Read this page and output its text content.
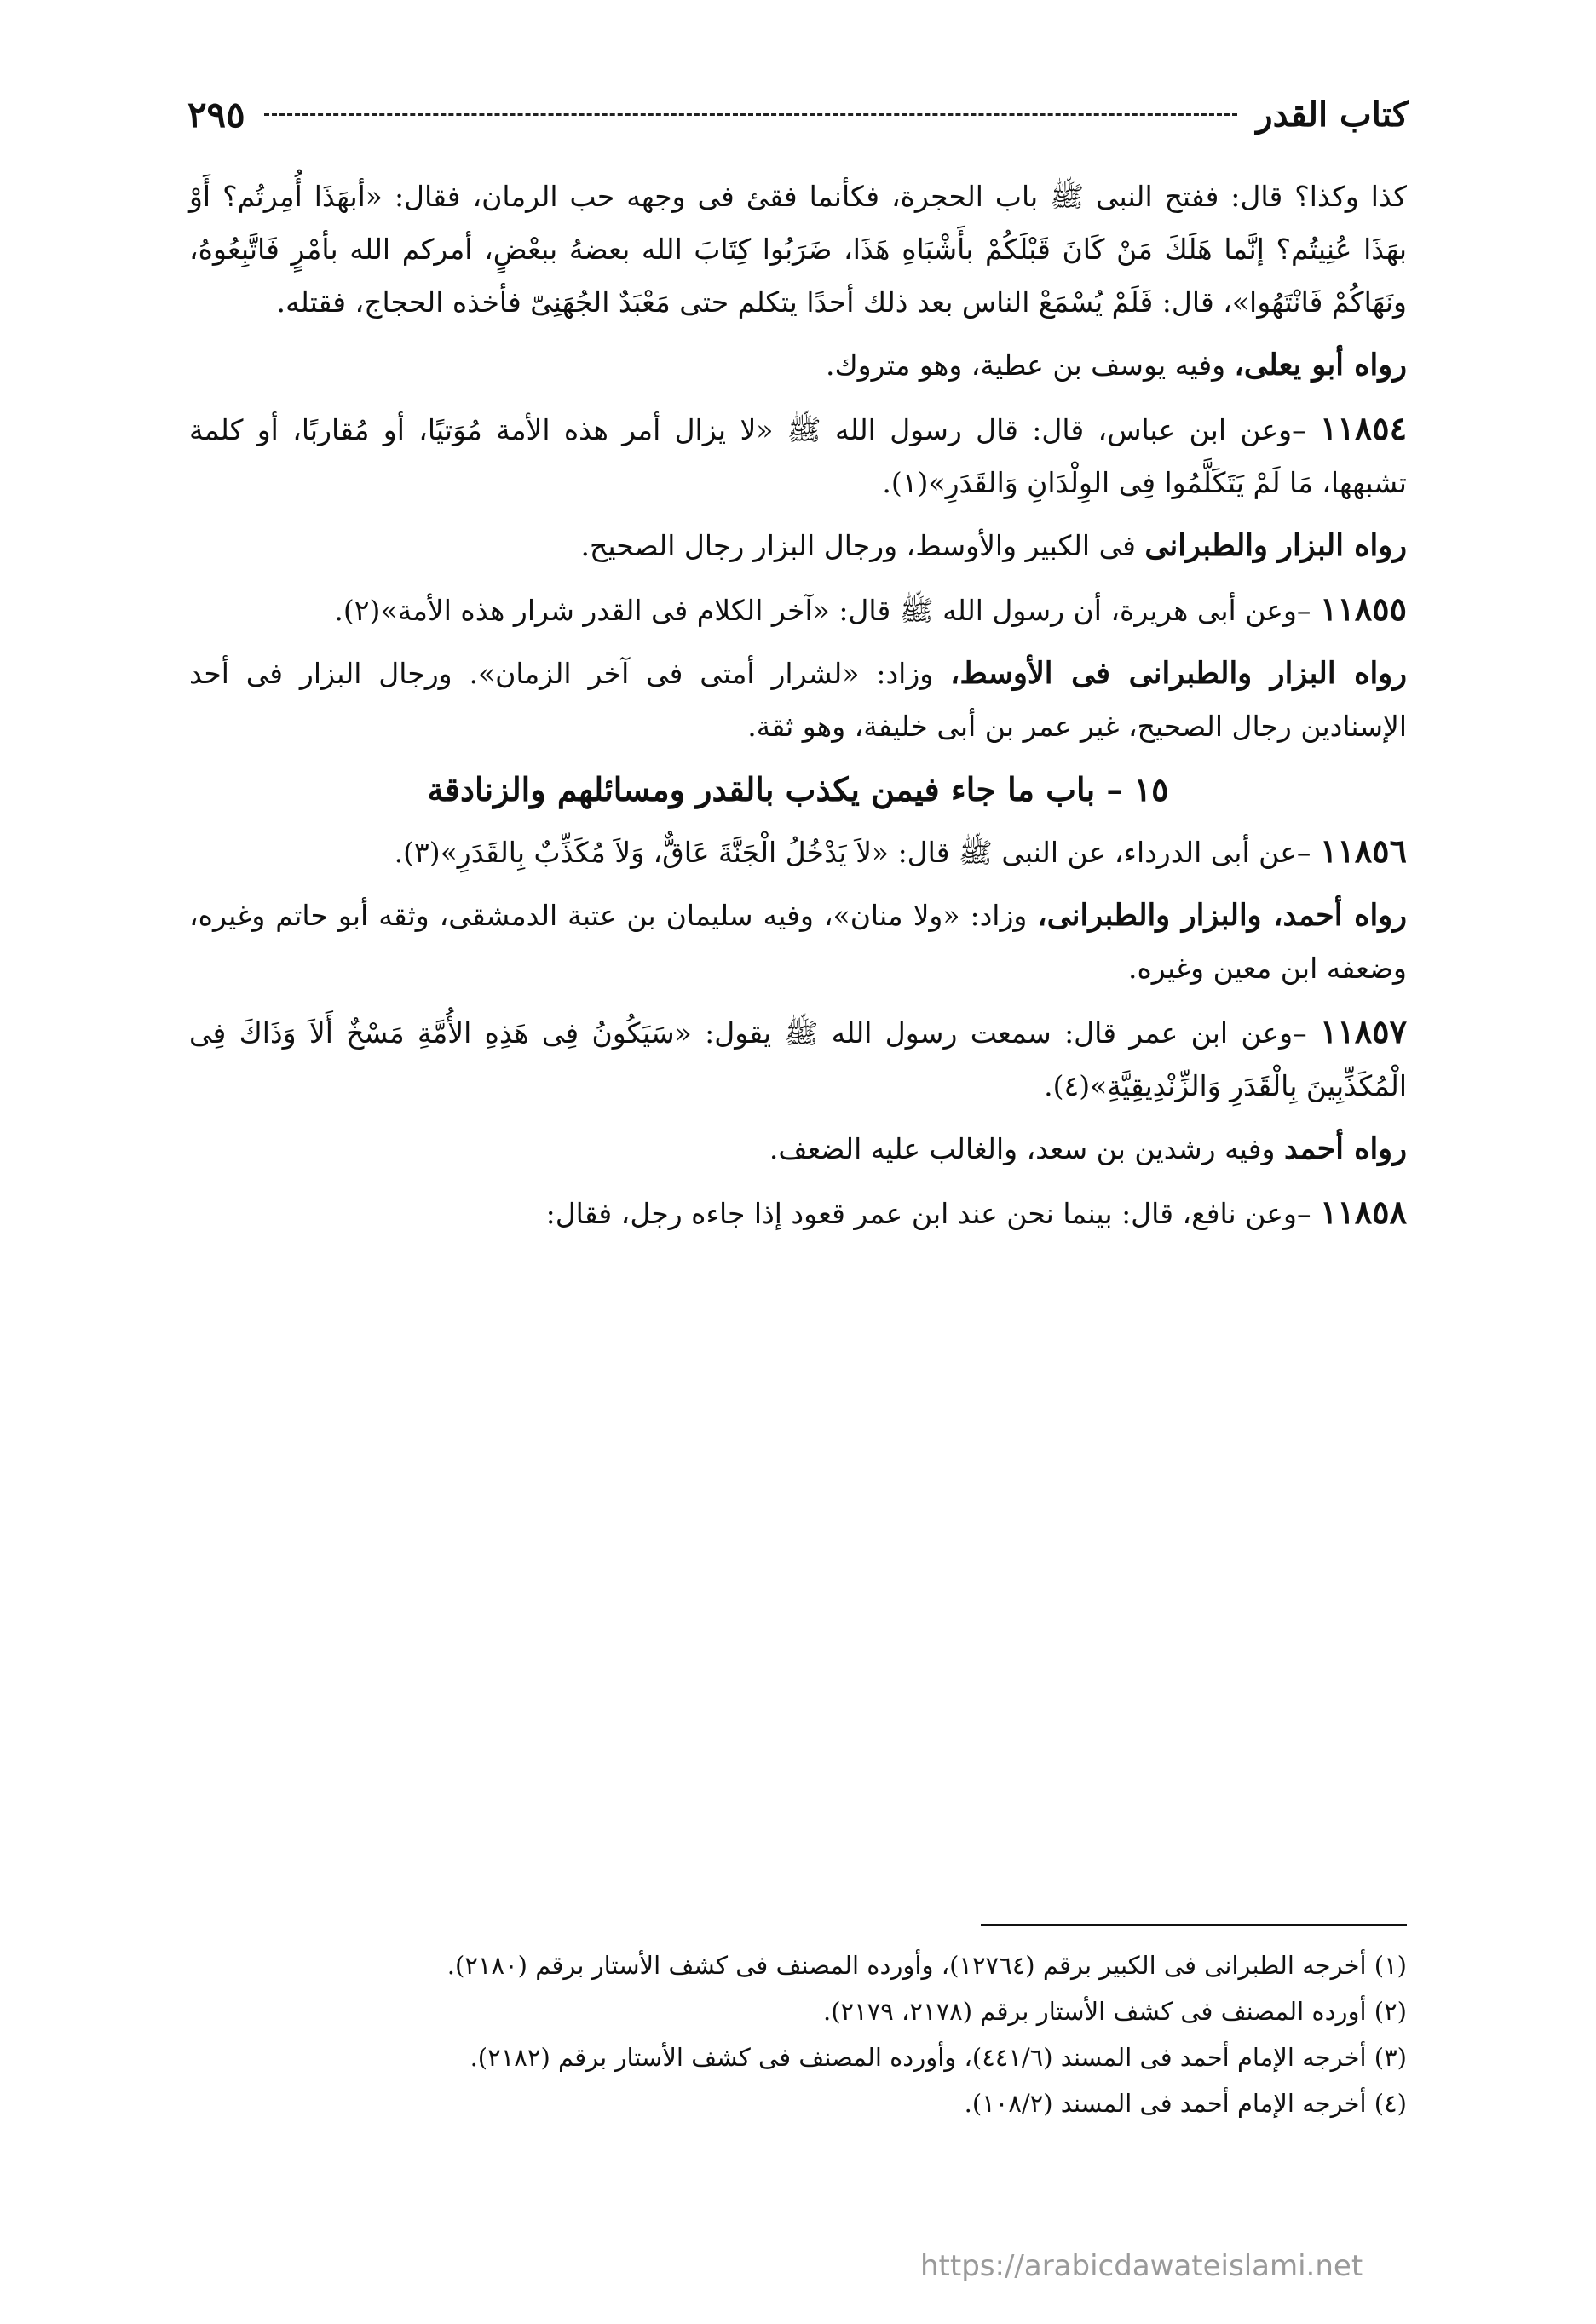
كتاب القدر
٢٩٥

كذا وكذا؟ قال: ففتح النبى ﷺ باب الحجرة، فكأنما فقئ فى وجهه حب الرمان، فقال: «أبهَذَا أُمِرتُم؟ أَوْ بهَذَا عُنِيتُم؟ إنَّما هَلَكَ مَنْ كَانَ قَبْلَكُمْ بأَشْبَاهِ هَذَا، ضَرَبُوا كِتَابَ الله بعضهُ ببعْضٍ، أمركم الله بأمْرٍ فَاتَّبِعُوهُ، ونَهَاكُمْ فَانْتَهُوا»، قال: فَلَمْ يُسْمَعْ الناس بعد ذلك أحدًا يتكلم حتى مَعْبَدٌ الجُهَنِىّ فأخذه الحجاج، فقتله.

رواه أبو يعلى، وفيه يوسف بن عطية، وهو متروك.

١١٨٥٤ –وعن ابن عباس، قال: قال رسول الله ﷺ «لا يزال أمر هذه الأمة مُوَتيًا، أو مُقاربًا، أو كلمة تشبهها، مَا لَمْ يَتَكَلَّمُوا فِى الوِلْدَانِ وَالقَدَرِ»(١).

رواه البزار والطبرانى فى الكبير والأوسط، ورجال البزار رجال الصحيح.

١١٨٥٥ –وعن أبى هريرة، أن رسول الله ﷺ قال: «آخر الكلام فى القدر شرار هذه الأمة»(٢).

رواه البزار والطبرانى فى الأوسط، وزاد: «لشرار أمتى فى آخر الزمان». ورجال البزار فى أحد الإسنادين رجال الصحيح، غير عمر بن أبى خليفة، وهو ثقة.

١٥ – باب ما جاء فيمن يكذب بالقدر ومسائلهم والزنادقة

١١٨٥٦ –عن أبى الدرداء، عن النبى ﷺ قال: «لاَ يَدْخُلُ الْجَنَّةَ عَاقٌّ، وَلاَ مُكَذِّبٌ بِالقَدَرِ»(٣).

رواه أحمد، والبزار والطبرانى، وزاد: «ولا منان»، وفيه سليمان بن عتبة الدمشقى، وثقه أبو حاتم وغيره، وضعفه ابن معين وغيره.

١١٨٥٧ –وعن ابن عمر قال: سمعت رسول الله ﷺ يقول: «سَيَكُونُ فِى هَذِهِ الأُمَّةِ مَسْخٌ أَلاَ وَذَاكَ فِى الْمُكَذِّبِينَ بِالْقَدَرِ وَالزِّنْدِيقِيَّةِ»(٤).

رواه أحمد وفيه رشدين بن سعد، والغالب عليه الضعف.

١١٨٥٨ –وعن نافع، قال: بينما نحن عند ابن عمر قعود إذا جاءه رجل، فقال:

(١) أخرجه الطبرانى فى الكبير برقم (١٢٧٦٤)، وأورده المصنف فى كشف الأستار برقم (٢١٨٠).

(٢) أورده المصنف فى كشف الأستار برقم (٢١٧٨، ٢١٧٩).

(٣) أخرجه الإمام أحمد فى المسند (٤٤١/٦)، وأورده المصنف فى كشف الأستار برقم (٢١٨٢).

(٤) أخرجه الإمام أحمد فى المسند (١٠٨/٢).

https://arabicdawateislami.net
